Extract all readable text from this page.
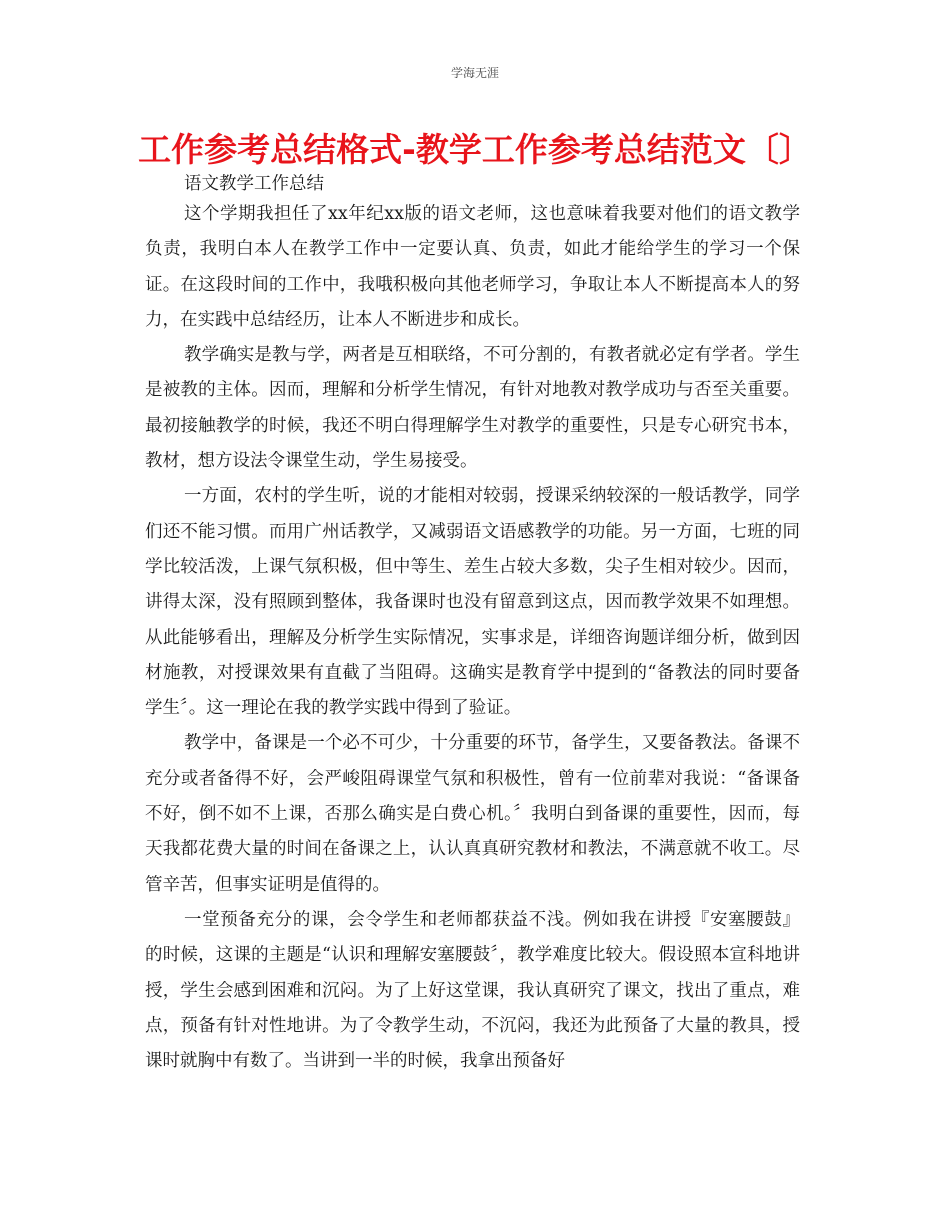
学海无涯
工作参考总结格式-教学工作参考总结范文〔〕
语文教学工作总结

这个学期我担任了xx年纪xx版的语文老师，这也意味着我要对他们的语文教学负责，我明白本人在教学工作中一定要认真、负责，如此才能给学生的学习一个保证。在这段时间的工作中，我哦积极向其他老师学习，争取让本人不断提高本人的努力，在实践中总结经历，让本人不断进步和成长。

教学确实是教与学，两者是互相联络，不可分割的，有教者就必定有学者。学生是被教的主体。因而，理解和分析学生情况，有针对地教对教学成功与否至关重要。最初接触教学的时候，我还不明白得理解学生对教学的重要性，只是专心研究书本，教材，想方设法令课堂生动，学生易接受。

一方面，农村的学生听，说的才能相对较弱，授课采纳较深的一般话教学，同学们还不能习惯。而用广州话教学，又减弱语文语感教学的功能。另一方面，七班的同学比较活泼，上课气氛积极，但中等生、差生占较大多数，尖子生相对较少。因而，讲得太深，没有照顾到整体，我备课时也没有留意到这点，因而教学效果不如理想。从此能够看出，理解及分析学生实际情况，实事求是，详细咨询题详细分析，做到因材施教，对授课效果有直截了当阻碍。这确实是教育学中提到的“备教法的同时要备学生〞。这一理论在我的教学实践中得到了验证。

教学中，备课是一个必不可少，十分重要的环节，备学生，又要备教法。备课不充分或者备得不好，会严峻阻碍课堂气氛和积极性，曾有一位前辈对我说：“备课备不好，倒不如不上课，否那么确实是白费心机。〞我明白到备课的重要性，因而，每天我都花费大量的时间在备课之上，认认真真研究教材和教法，不满意就不收工。尽管辛苦，但事实证明是值得的。

一堂预备充分的课，会令学生和老师都获益不浅。例如我在讲授『安塞腰鼓』 的时候，这课的主题是“认识和理解安塞腰鼓〞，教学难度比较大。假设照本宣科地讲授，学生会感到困难和沉闷。为了上好这堂课，我认真研究了课文，找出了重点，难点，预备有针对性地讲。为了令教学生动，不沉闷，我还为此预备了大量的教具，授课时就胸中有数了。当讲到一半的时候，我拿出预备好
